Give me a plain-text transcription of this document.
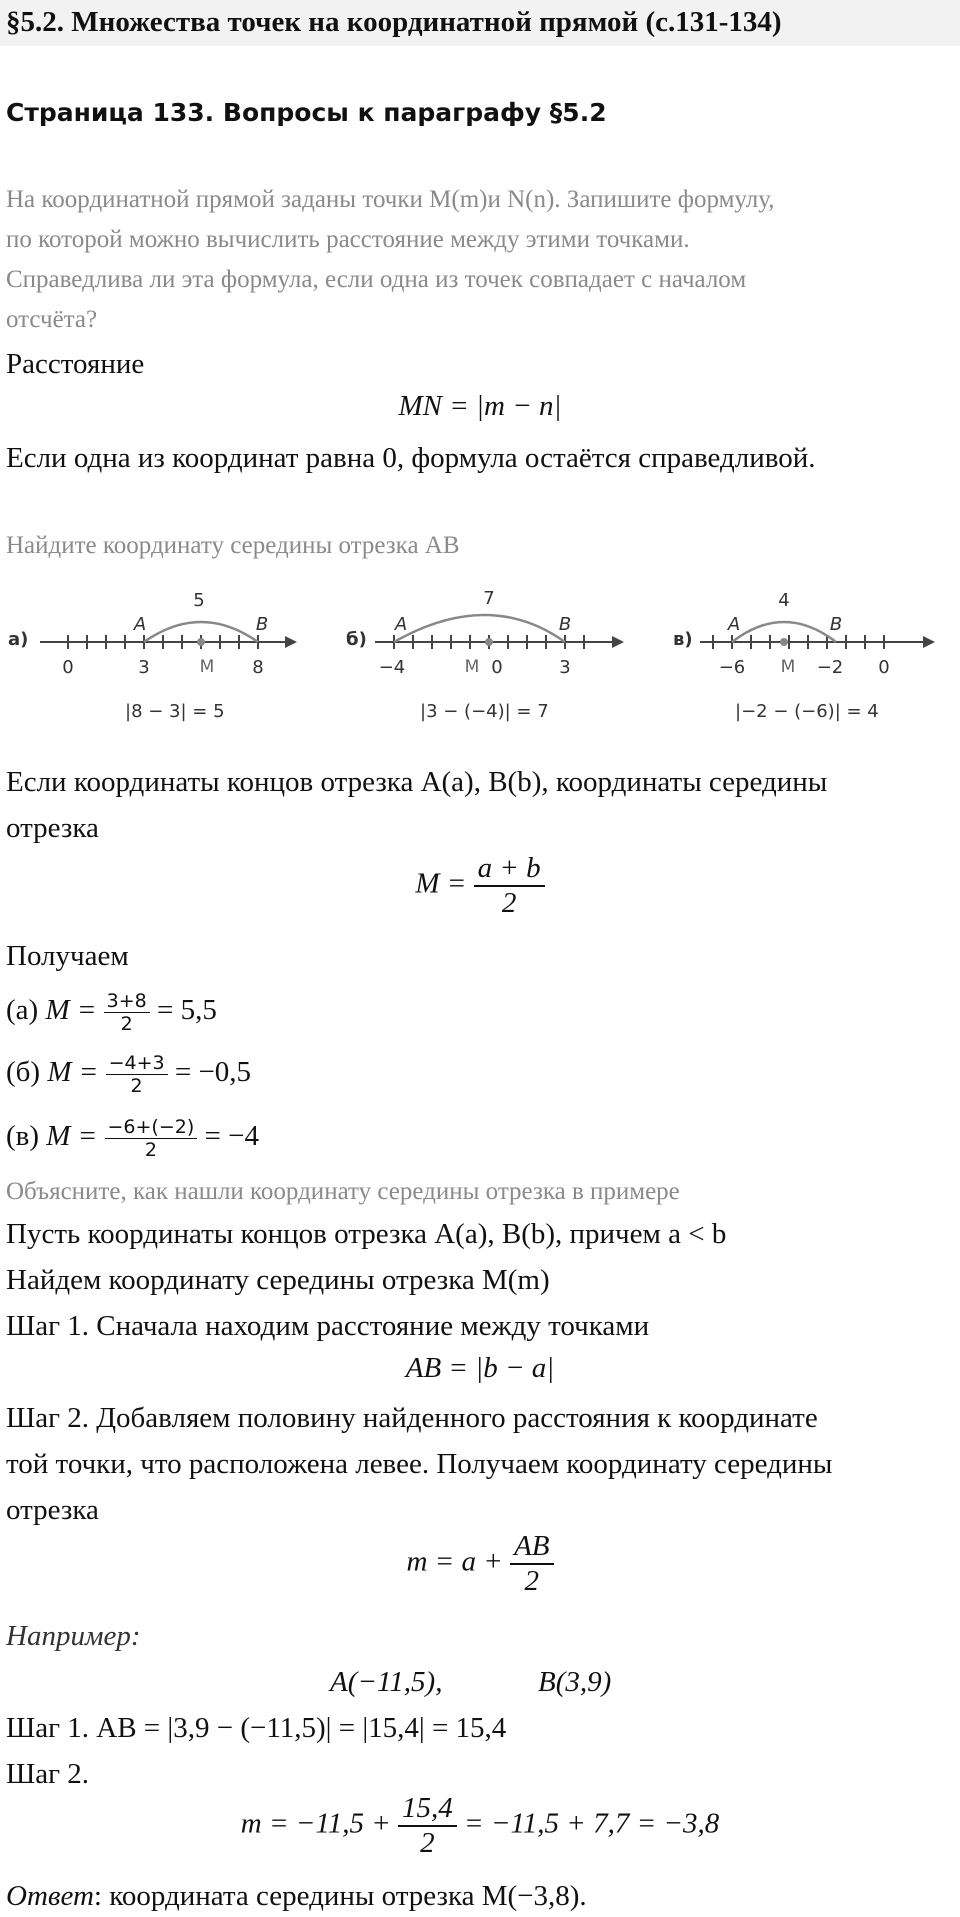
§5.2. Множества точек на координатной прямой (с.131-134)
Страница 133. Вопросы к параграфу §5.2
На координатной прямой заданы точки M(m)и N(n). Запишите формулу,
по которой можно вычислить расстояние между этими точками.
Справедлива ли эта формула, если одна из точек совпадает с началом
отсчёта?
Расстояние
MN = |m − n|
Если одна из координат равна 0, формула остаётся справедливой.
Найдите координату середины отрезка AB
а)
5
A	B
M
0	3	8
|8 − 3| = 5
б)
7
A	B
M
−4	0	3
|3 − (−4)| = 7
в)
4
A	B
M
−6	−2 0
|−2 − (−6)| = 4
Если координаты концов отрезка A(a), B(b), координаты середины
отрезка
$M = \frac{a + b}{2}$
Получаем
(а) $M = \frac{3+8}{2} = 5,5$
(б) $M = \frac{-4+3}{2} = -0,5$
(в) $M = \frac{-6+(-2)}{2} = -4$
Объясните, как нашли координату середины отрезка в примере
Пусть координаты концов отрезка A(a), B(b), причем a < b
Найдем координату середины отрезка M(m)
Шаг 1. Сначала находим расстояние между точками
AB = |b − a|
Шаг 2. Добавляем половину найденного расстояния к координате
той точки, что расположена левее. Получаем координату середины
отрезка
$m = a + \frac{AB}{2}$
Например:
A(−11,5),	B(3,9)
Шаг 1. AB = |3,9 − (−11,5)| = |15,4| = 15,4
Шаг 2.
$m = -11,5 + \frac{15,4}{2} = -11,5 + 7,7 = -3,8$
Ответ: координата середины отрезка M(−3,8).
